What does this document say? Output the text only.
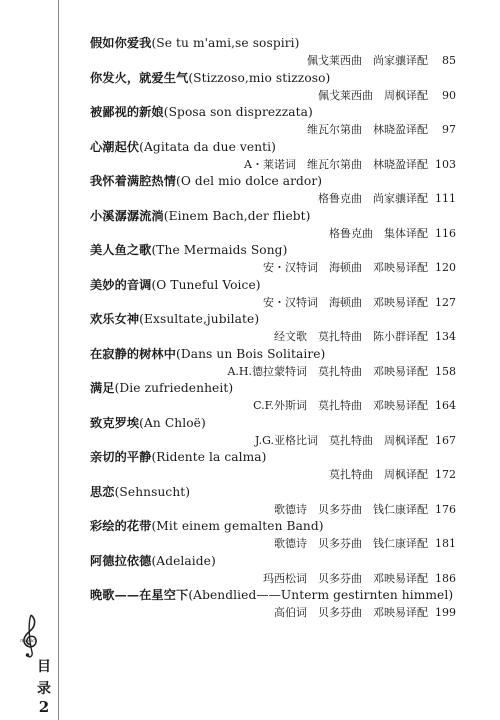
假如你爱我(Se tu m'ami,se sospiri)
佩戈莱西曲　尚家骧译配 85
你发火，就爱生气(Stizzoso,mio stizzoso)
佩戈莱西曲　周枫译配 90
被鄙视的新娘(Sposa son disprezzata)
维瓦尔第曲　林晓盈译配 97
心潮起伏(Agitata da due venti)
A・莱诺词　维瓦尔第曲　林晓盈译配 103
我怀着满腔热情(O del mio dolce ardor)
格鲁克曲　尚家骧译配 111
小溪潺潺流淌(Einem Bach,der fliebt)
格鲁克曲　集体译配 116
美人鱼之歌(The Mermaids Song)
安・汉特词　海顿曲　邓映易译配 120
美妙的音调(O Tuneful Voice)
安・汉特词　海顿曲　邓映易译配 127
欢乐女神(Exsultate,jubilate)
经文歌　莫扎特曲　陈小群译配 134
在寂静的树林中(Dans un Bois Solitaire)
A.H.德拉蒙特词　莫扎特曲　邓映易译配 158
满足(Die zufriedenheit)
C.F.外斯词　莫扎特曲　邓映易译配 164
致克罗埃(An Chloë)
J.G.亚格比词　莫扎特曲　周枫译配 167
亲切的平静(Ridente la calma)
莫扎特曲　周枫译配 172
思恋(Sehnsucht)
歌德诗　贝多芬曲　钱仁康译配 176
彩绘的花带(Mit einem gemalten Band)
歌德诗　贝多芬曲　钱仁康译配 181
阿德拉依德(Adelaide)
玛西松词　贝多芬曲　邓映易译配 186
晚歌——在星空下(Abendlied——Unterm gestirnten himmel)
高伯词　贝多芬曲　邓映易译配 199
music
目
录
2
